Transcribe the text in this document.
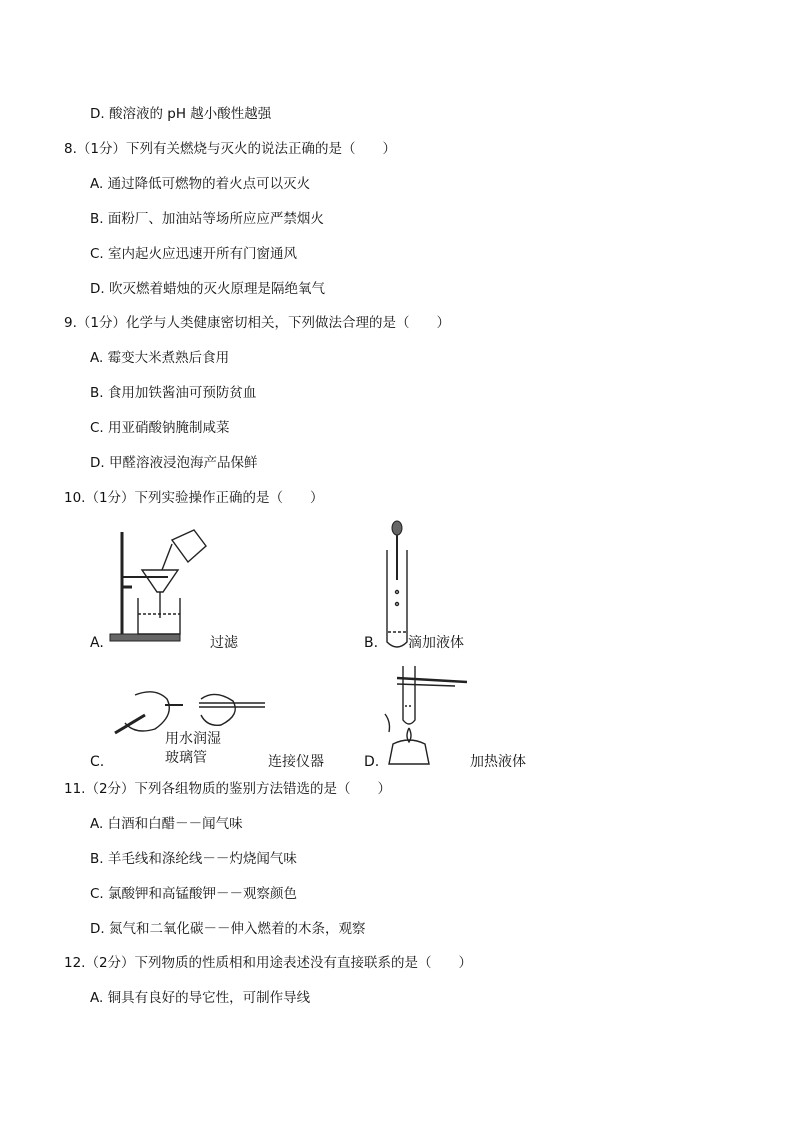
D. 酸溶液的 pH 越小酸性越强
8.（1分）下列有关燃烧与灭火的说法正确的是（　　）
A. 通过降低可燃物的着火点可以灭火
B. 面粉厂、加油站等场所应应严禁烟火
C. 室内起火应迅速开所有门窗通风
D. 吹灭燃着蜡烛的灭火原理是隔绝氧气
9.（1分）化学与人类健康密切相关，下列做法合理的是（　　）
A. 霉变大米煮熟后食用
B. 食用加铁酱油可预防贫血
C. 用亚硝酸钠腌制咸菜
D. 甲醛溶液浸泡海产品保鲜
10.（1分）下列实验操作正确的是（　　）
A.	过滤	B. 滴加液体
C.
用水润湿
玻璃管	连接仪器	D.	加热液体
11.（2分）下列各组物质的鉴别方法错选的是（　　）
A. 白酒和白醋－－闻气味
B. 羊毛线和涤纶线－－灼烧闻气味
C. 氯酸钾和高锰酸钾－－观察颜色
D. 氮气和二氧化碳－－伸入燃着的木条，观察
12.（2分）下列物质的性质相和用途表述没有直接联系的是（　　）
A. 铜具有良好的导它性，可制作导线
